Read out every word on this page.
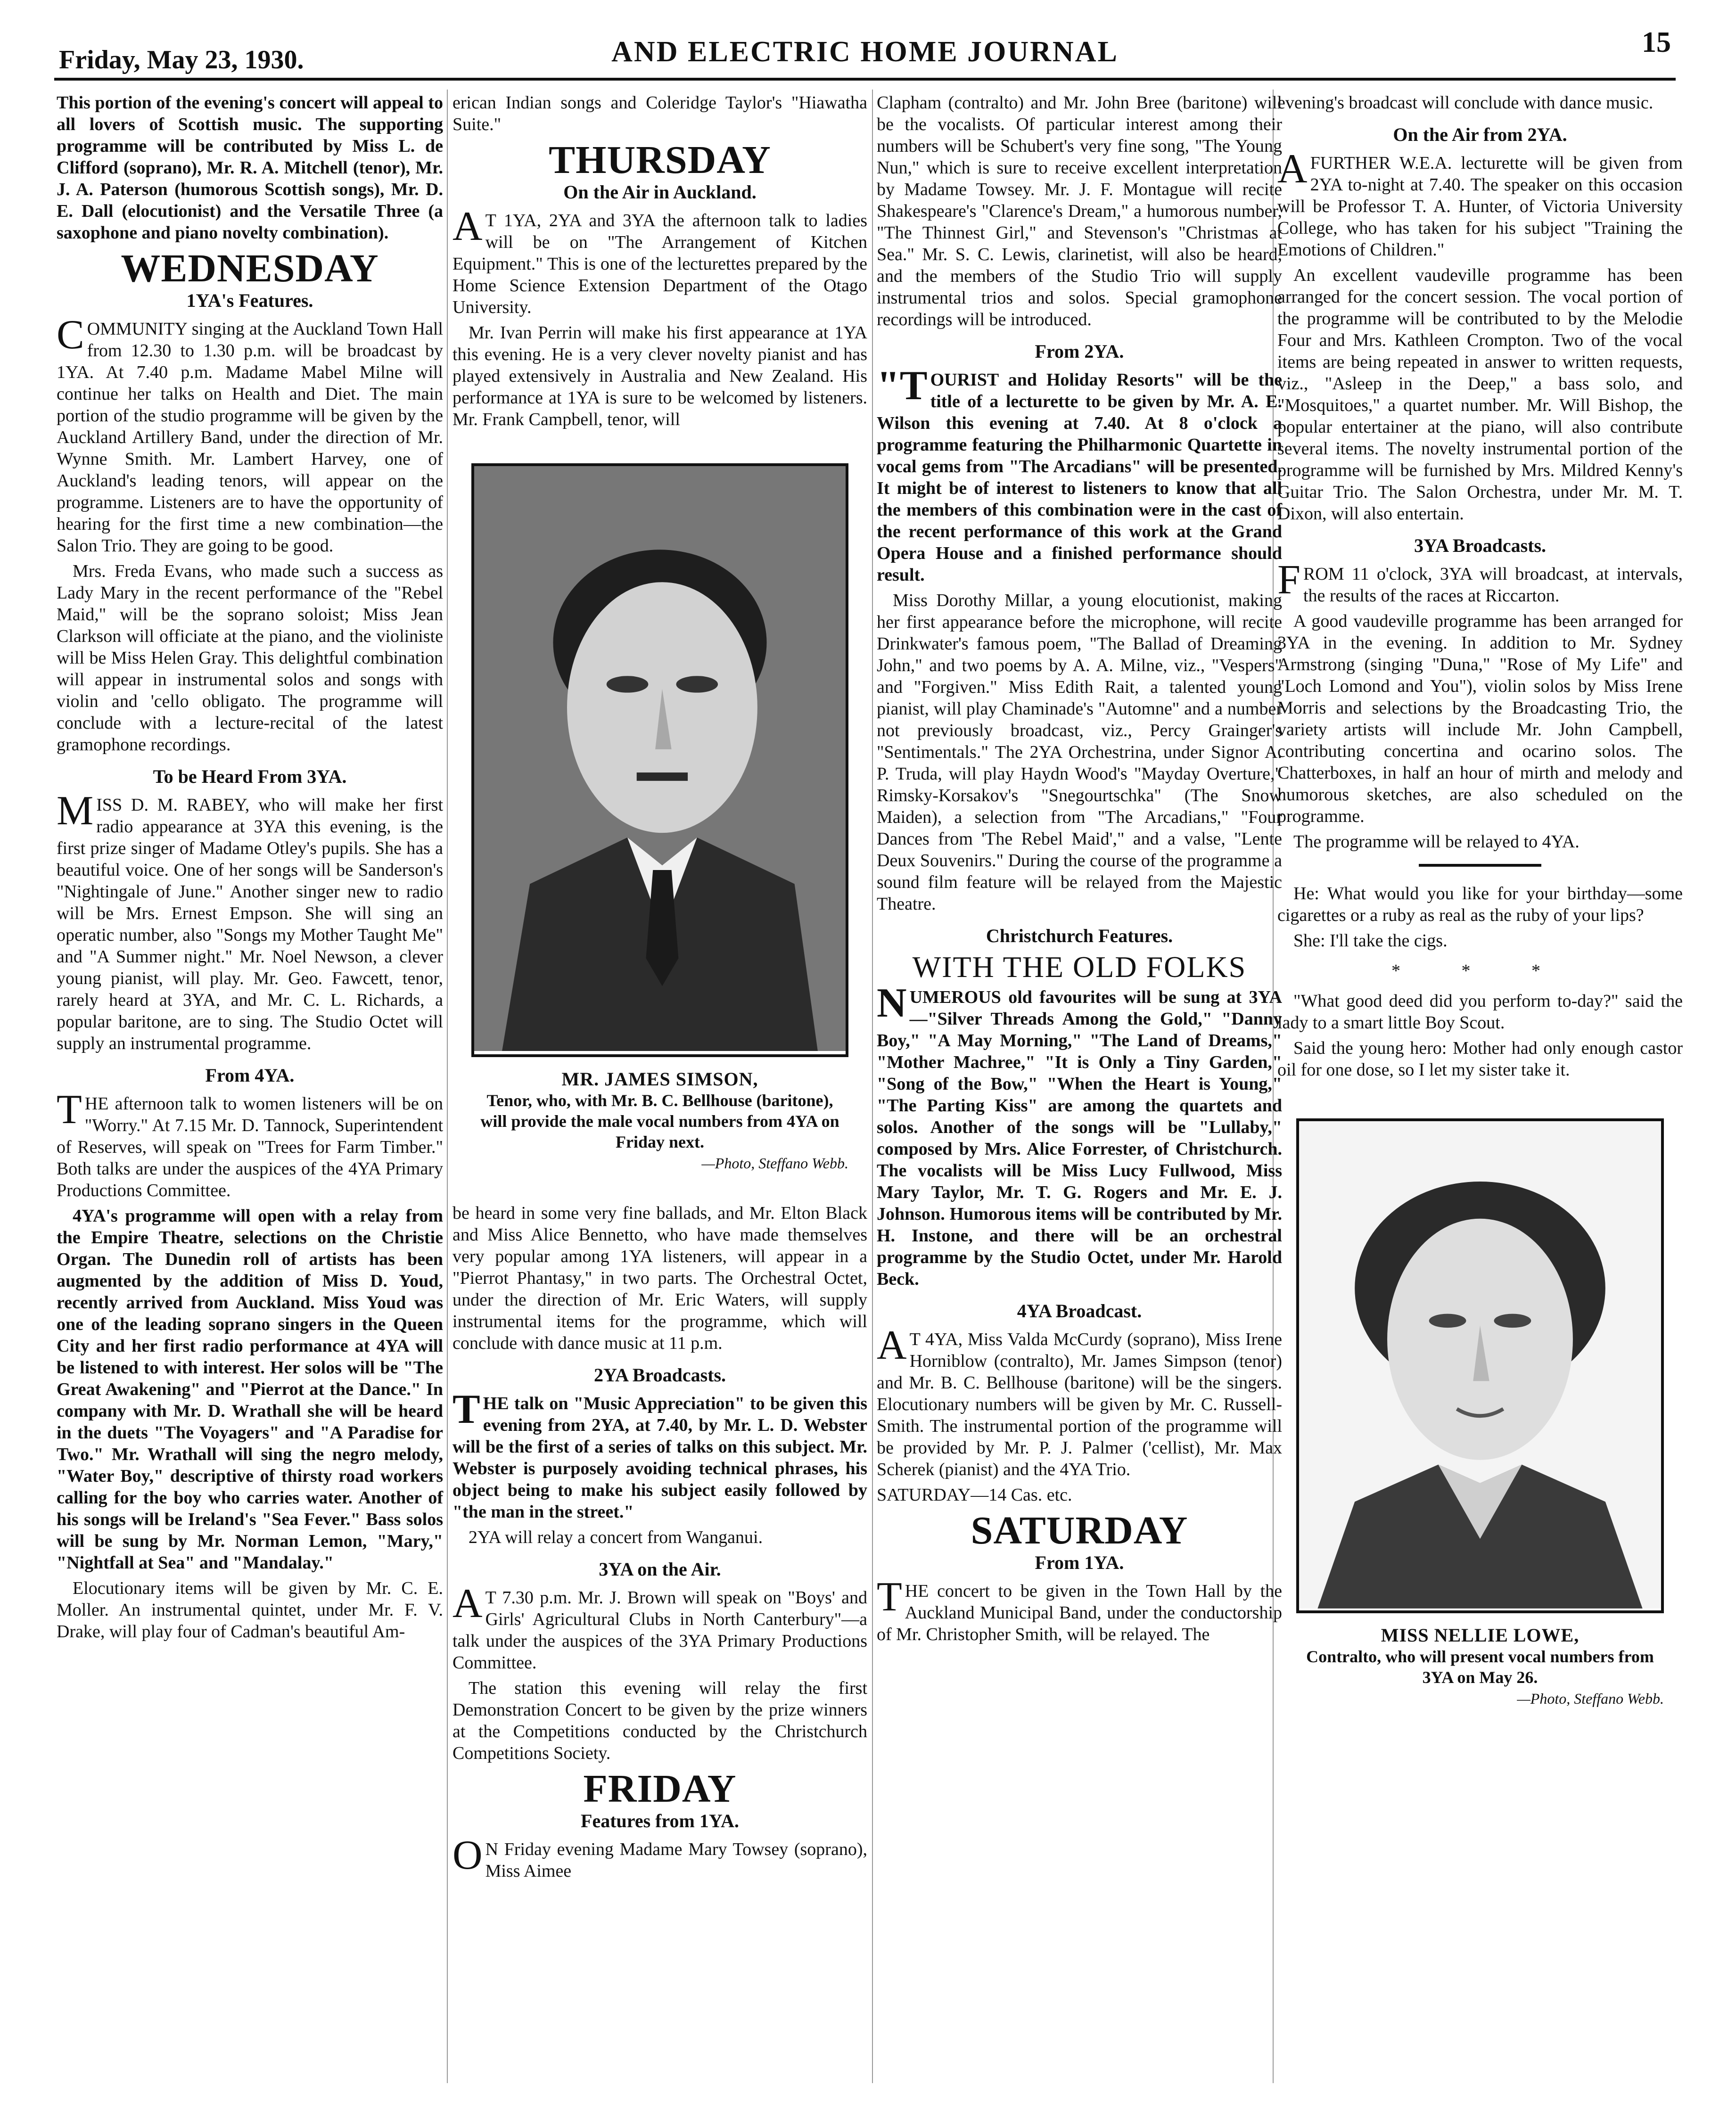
Friday, May 23, 1930.	AND ELECTRIC HOME JOURNAL	15

This portion of the evening's concert will appeal to all lovers of Scottish music. The supporting programme will be contributed by Miss L. de Clifford (soprano), Mr. R. A. Mitchell (tenor), Mr. J. A. Paterson (humorous Scottish songs), Mr. D. E. Dall (elocutionist) and the Versatile Three (a saxophone and piano novelty combination).

WEDNESDAY
1YA's Features.

COMMUNITY singing at the Auckland Town Hall from 12.30 to 1.30 p.m. will be broadcast by 1YA. At 7.40 p.m. Madame Mabel Milne will continue her talks on Health and Diet. The main portion of the studio programme will be given by the Auckland Artillery Band, under the direction of Mr. Wynne Smith. Mr. Lambert Harvey, one of Auckland's leading tenors, will appear on the programme. Listeners are to have the opportunity of hearing for the first time a new combination—the Salon Trio. They are going to be good.

Mrs. Freda Evans, who made such a success as Lady Mary in the recent performance of the "Rebel Maid," will be the soprano soloist; Miss Jean Clarkson will officiate at the piano, and the violiniste will be Miss Helen Gray. This delightful combination will appear in instrumental solos and songs with violin and 'cello obligato. The programme will conclude with a lecture-recital of the latest gramophone recordings.

To be Heard From 3YA.

MISS D. M. RABEY, who will make her first radio appearance at 3YA this evening, is the first prize singer of Madame Otley's pupils. She has a beautiful voice. One of her songs will be Sanderson's "Nightingale of June." Another singer new to radio will be Mrs. Ernest Empson. She will sing an operatic number, also "Songs my Mother Taught Me" and "A Summer night." Mr. Noel Newson, a clever young pianist, will play. Mr. Geo. Fawcett, tenor, rarely heard at 3YA, and Mr. C. L. Richards, a popular baritone, are to sing. The Studio Octet will supply an instrumental programme.

From 4YA.

THE afternoon talk to women listeners will be on "Worry." At 7.15 Mr. D. Tannock, Superintendent of Reserves, will speak on "Trees for Farm Timber." Both talks are under the auspices of the 4YA Primary Productions Committee.

4YA's programme will open with a relay from the Empire Theatre, selections on the Christie Organ. The Dunedin roll of artists has been augmented by the addition of Miss D. Youd, recently arrived from Auckland. Miss Youd was one of the leading soprano singers in the Queen City and her first radio performance at 4YA will be listened to with interest. Her solos will be "The Great Awakening" and "Pierrot at the Dance." In company with Mr. D. Wrathall she will be heard in the duets "The Voyagers" and "A Paradise for Two." Mr. Wrathall will sing the negro melody, "Water Boy," descriptive of thirsty road workers calling for the boy who carries water. Another of his songs will be Ireland's "Sea Fever." Bass solos will be sung by Mr. Norman Lemon, "Mary," "Nightfall at Sea" and "Mandalay."

Elocutionary items will be given by Mr. C. E. Moller. An instrumental quintet, under Mr. F. V. Drake, will play four of Cadman's beautiful Am-

erican Indian songs and Coleridge Taylor's "Hiawatha Suite."

THURSDAY
On the Air in Auckland.

AT 1YA, 2YA and 3YA the afternoon talk to ladies will be on "The Arrangement of Kitchen Equipment." This is one of the lecturettes prepared by the Home Science Extension Department of the Otago University.

Mr. Ivan Perrin will make his first appearance at 1YA this evening. He is a very clever novelty pianist and has played extensively in Australia and New Zealand. His performance at 1YA is sure to be welcomed by listeners. Mr. Frank Campbell, tenor, will

MR. JAMES SIMSON,
Tenor, who, with Mr. B. C. Bellhouse (baritone), will provide the male vocal numbers from 4YA on Friday next.
—Photo, Steffano Webb.

be heard in some very fine ballads, and Mr. Elton Black and Miss Alice Bennetto, who have made themselves very popular among 1YA listeners, will appear in a "Pierrot Phantasy," in two parts. The Orchestral Octet, under the direction of Mr. Eric Waters, will supply instrumental items for the programme, which will conclude with dance music at 11 p.m.

2YA Broadcasts.

THE talk on "Music Appreciation" to be given this evening from 2YA, at 7.40, by Mr. L. D. Webster will be the first of a series of talks on this subject. Mr. Webster is purposely avoiding technical phrases, his object being to make his subject easily followed by "the man in the street."

2YA will relay a concert from Wanganui.

3YA on the Air.

AT 7.30 p.m. Mr. J. Brown will speak on "Boys' and Girls' Agricultural Clubs in North Canterbury"—a talk under the auspices of the 3YA Primary Productions Committee.

The station this evening will relay the first Demonstration Concert to be given by the prize winners at the Competitions conducted by the Christchurch Competitions Society.

FRIDAY
Features from 1YA.

ON Friday evening Madame Mary Towsey (soprano), Miss Aimee

Clapham (contralto) and Mr. John Bree (baritone) will be the vocalists. Of particular interest among their numbers will be Schubert's very fine song, "The Young Nun," which is sure to receive excellent interpretation by Madame Towsey. Mr. J. F. Montague will recite Shakespeare's "Clarence's Dream," a humorous number, "The Thinnest Girl," and Stevenson's "Christmas at Sea." Mr. S. C. Lewis, clarinetist, will also be heard, and the members of the Studio Trio will supply instrumental trios and solos. Special gramophone recordings will be introduced.

From 2YA.

"TOURIST and Holiday Resorts" will be the title of a lecturette to be given by Mr. A. E. Wilson this evening at 7.40. At 8 o'clock a programme featuring the Philharmonic Quartette in vocal gems from "The Arcadians" will be presented. It might be of interest to listeners to know that all the members of this combination were in the cast of the recent performance of this work at the Grand Opera House and a finished performance should result.

Miss Dorothy Millar, a young elocutionist, making her first appearance before the microphone, will recite Drinkwater's famous poem, "The Ballad of Dreaming John," and two poems by A. A. Milne, viz., "Vespers" and "Forgiven." Miss Edith Rait, a talented young pianist, will play Chaminade's "Automne" and a number not previously broadcast, viz., Percy Grainger's "Sentimentals." The 2YA Orchestrina, under Signor A. P. Truda, will play Haydn Wood's "Mayday Overture," Rimsky-Korsakov's "Snegourtschka" (The Snow Maiden), a selection from "The Arcadians," "Four Dances from 'The Rebel Maid'," and a valse, "Lente Deux Souvenirs." During the course of the programme a sound film feature will be relayed from the Majestic Theatre.

Christchurch Features.
WITH THE OLD FOLKS

NUMEROUS old favourites will be sung at 3YA—"Silver Threads Among the Gold," "Danny Boy," "A May Morning," "The Land of Dreams," "Mother Machree," "It is Only a Tiny Garden," "Song of the Bow," "When the Heart is Young," "The Parting Kiss" are among the quartets and solos. Another of the songs will be "Lullaby," composed by Mrs. Alice Forrester, of Christchurch. The vocalists will be Miss Lucy Fullwood, Miss Mary Taylor, Mr. T. G. Rogers and Mr. E. J. Johnson. Humorous items will be contributed by Mr. H. Instone, and there will be an orchestral programme by the Studio Octet, under Mr. Harold Beck.

4YA Broadcast.

AT 4YA, Miss Valda McCurdy (soprano), Miss Irene Horniblow (contralto), Mr. James Simpson (tenor) and Mr. B. C. Bellhouse (baritone) will be the singers. Elocutionary numbers will be given by Mr. C. Russell-Smith. The instrumental portion of the programme will be provided by Mr. P. J. Palmer ('cellist), Mr. Max Scherek (pianist) and the 4YA Trio.

SATURDAY—14 Cas. etc.

SATURDAY
From 1YA.

THE concert to be given in the Town Hall by the Auckland Municipal Band, under the conductorship of Mr. Christopher Smith, will be relayed. The

evening's broadcast will conclude with dance music.

On the Air from 2YA.

AFURTHER W.E.A. lecturette will be given from 2YA to-night at 7.40. The speaker on this occasion will be Professor T. A. Hunter, of Victoria University College, who has taken for his subject "Training the Emotions of Children."

An excellent vaudeville programme has been arranged for the concert session. The vocal portion of the programme will be contributed to by the Melodie Four and Mrs. Kathleen Crompton. Two of the vocal items are being repeated in answer to written requests, viz., "Asleep in the Deep," a bass solo, and "Mosquitoes," a quartet number. Mr. Will Bishop, the popular entertainer at the piano, will also contribute several items. The novelty instrumental portion of the programme will be furnished by Mrs. Mildred Kenny's Guitar Trio. The Salon Orchestra, under Mr. M. T. Dixon, will also entertain.

3YA Broadcasts.

FROM 11 o'clock, 3YA will broadcast, at intervals, the results of the races at Riccarton.

A good vaudeville programme has been arranged for 3YA in the evening. In addition to Mr. Sydney Armstrong (singing "Duna," "Rose of My Life" and "Loch Lomond and You"), violin solos by Miss Irene Morris and selections by the Broadcasting Trio, the variety artists will include Mr. John Campbell, contributing concertina and ocarino solos. The Chatterboxes, in half an hour of mirth and melody and humorous sketches, are also scheduled on the programme.

The programme will be relayed to 4YA.

He: What would you like for your birthday—some cigarettes or a ruby as real as the ruby of your lips?

She: I'll take the cigs.

* * *

"What good deed did you perform to-day?" said the lady to a smart little Boy Scout.

Said the young hero: Mother had only enough castor oil for one dose, so I let my sister take it.

MISS NELLIE LOWE,
Contralto, who will present vocal numbers from 3YA on May 26.
—Photo, Steffano Webb.
